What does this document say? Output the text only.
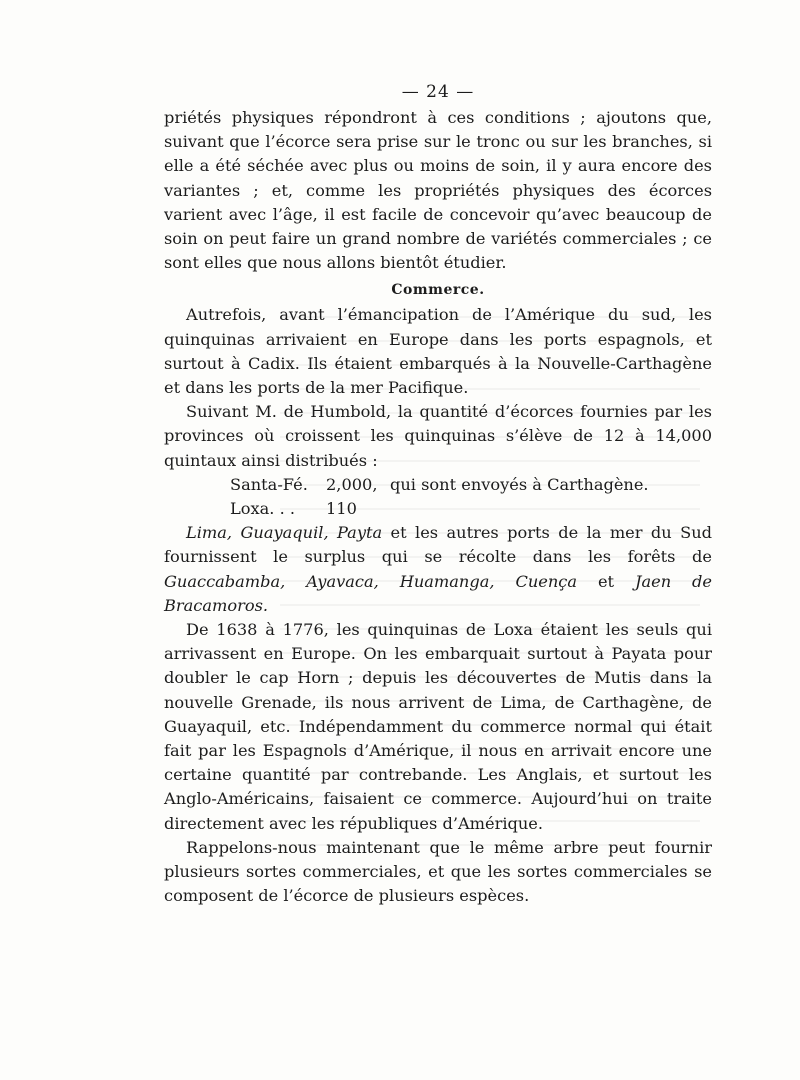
— 24 —

priétés physiques répondront à ces conditions ; ajoutons que, suivant que l’écorce sera prise sur le tronc ou sur les branches, si elle a été séchée avec plus ou moins de soin, il y aura encore des variantes ; et, comme les propriétés physiques des écorces varient avec l’âge, il est facile de concevoir qu’avec beaucoup de soin on peut faire un grand nombre de variétés commerciales ; ce sont elles que nous allons bientôt étudier.

Commerce.

Autrefois, avant l’émancipation de l’Amérique du sud, les quinquinas arrivaient en Europe dans les ports espagnols, et surtout à Cadix. Ils étaient embarqués à la Nouvelle-Carthagène et dans les ports de la mer Pacifique.

Suivant M. de Humbold, la quantité d’écorces fournies par les provinces où croissent les quinquinas s’élève de 12 à 14,000 quintaux ainsi distribués :

Santa-Fé.	2,000, qui sont envoyés à Carthagène.
Loxa. . .	110

Lima, Guayaquil, Payta et les autres ports de la mer du Sud fournissent le surplus qui se récolte dans les forêts de Guaccabamba, Ayavaca, Huamanga, Cuença et Jaen de Bracamoros.

De 1638 à 1776, les quinquinas de Loxa étaient les seuls qui arrivassent en Europe. On les embarquait surtout à Payata pour doubler le cap Horn ; depuis les découvertes de Mutis dans la nouvelle Grenade, ils nous arrivent de Lima, de Carthagène, de Guayaquil, etc. Indépendamment du commerce normal qui était fait par les Espagnols d’Amérique, il nous en arrivait encore une certaine quantité par contrebande. Les Anglais, et surtout les Anglo-Américains, faisaient ce commerce. Aujourd’hui on traite directement avec les républiques d’Amérique.

Rappelons-nous maintenant que le même arbre peut fournir plusieurs sortes commerciales, et que les sortes commerciales se composent de l’écorce de plusieurs espèces.
